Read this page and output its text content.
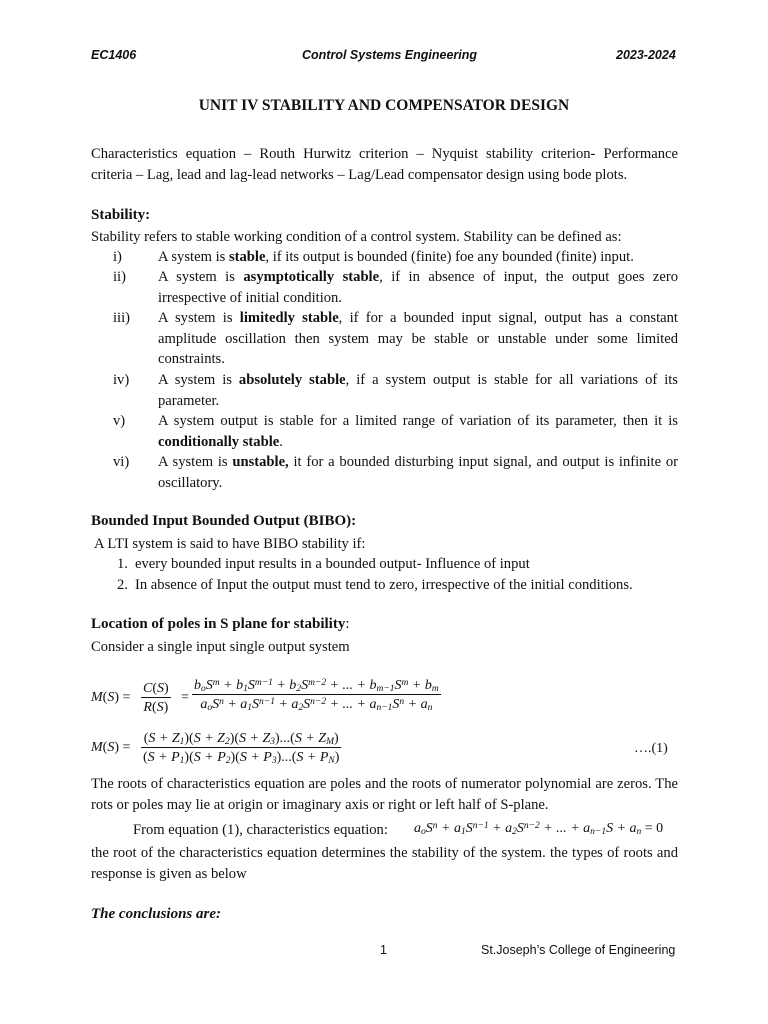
EC1406	Control Systems Engineering	2023-2024
UNIT IV STABILITY AND COMPENSATOR DESIGN
Characteristics equation – Routh Hurwitz criterion – Nyquist stability criterion- Performance criteria – Lag, lead and lag-lead networks – Lag/Lead compensator design using bode plots.
Stability:
Stability refers to stable working condition of a control system. Stability can be defined as:
i) A system is stable, if its output is bounded (finite) foe any bounded (finite) input.
ii) A system is asymptotically stable, if in absence of input, the output goes zero irrespective of initial condition.
iii) A system is limitedly stable, if for a bounded input signal, output has a constant amplitude oscillation then system may be stable or unstable under some limited constraints.
iv) A system is absolutely stable, if a system output is stable for all variations of its parameter.
v) A system output is stable for a limited range of variation of its parameter, then it is conditionally stable.
vi) A system is unstable, it for a bounded disturbing input signal, and output is infinite or oscillatory.
Bounded Input Bounded Output (BIBO):
A LTI system is said to have BIBO stability if:
1. every bounded input results in a bounded output- Influence of input
2. In absence of Input the output must tend to zero, irrespective of the initial conditions.
Location of poles in S plane for stability:
Consider a single input single output system
$M(S) = \frac{C(S)}{R(S)}$ =
$b_oS^m + b_1S^{m-1} + b_2S^{m-2}$ + ... + $b_{m-1}S^m + b_m$
$a_oS^n + a_1S^{n-1} + a_2S^{n-2}$ + ... + $a_{n-1}S^n + a_n$
$M(S) = \frac{(S + Z_1)(S + Z_2)(S + Z_3)...(S + Z_M)}{(S + P_1)(S + P_2)(S + P_3)...(S + P_N)}$	….(1)
The roots of characteristics equation are poles and the roots of numerator polynomial are zeros. The rots or poles may lie at origin or imaginary axis or right or left half of S-plane.
From equation (1), characteristics equation: $a_oS^n + a_1S^{n-1} + a_2S^{n-2}$ + ... + $a_{n-1}S + a_n = 0$
the root of the characteristics equation determines the stability of the system. the types of roots and response is given as below
The conclusions are:
1	St.Joseph’s College of Engineering
